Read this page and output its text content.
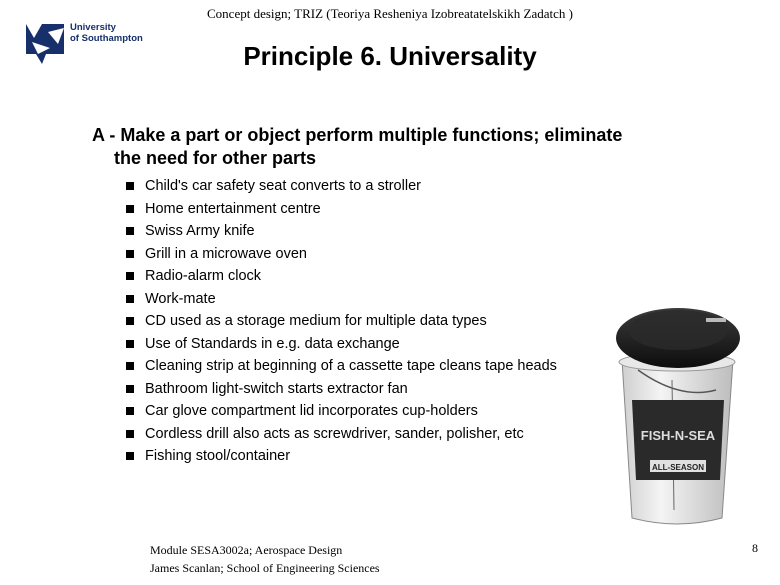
Concept design; TRIZ (Teoriya Resheniya Izobreatatelskikh Zadatch )
University
of Southampton
Principle 6. Universality
A - Make a part or object perform multiple functions; eliminate
the need for other parts
Child's car safety seat converts to a stroller
Home entertainment centre
Swiss Army knife
Grill in a microwave oven
Radio-alarm clock
Work-mate
CD used as a storage medium for multiple data types
Use of Standards in e.g. data exchange
Cleaning strip at beginning of a cassette tape cleans tape heads
Bathroom light-switch starts extractor fan
Car glove compartment lid incorporates cup-holders
Cordless drill also acts as screwdriver, sander, polisher, etc
Fishing stool/container
FISH-N-SEA
ALL-SEASON
Module SESA3002a; Aerospace Design
James Scanlan; School of Engineering Sciences
8
